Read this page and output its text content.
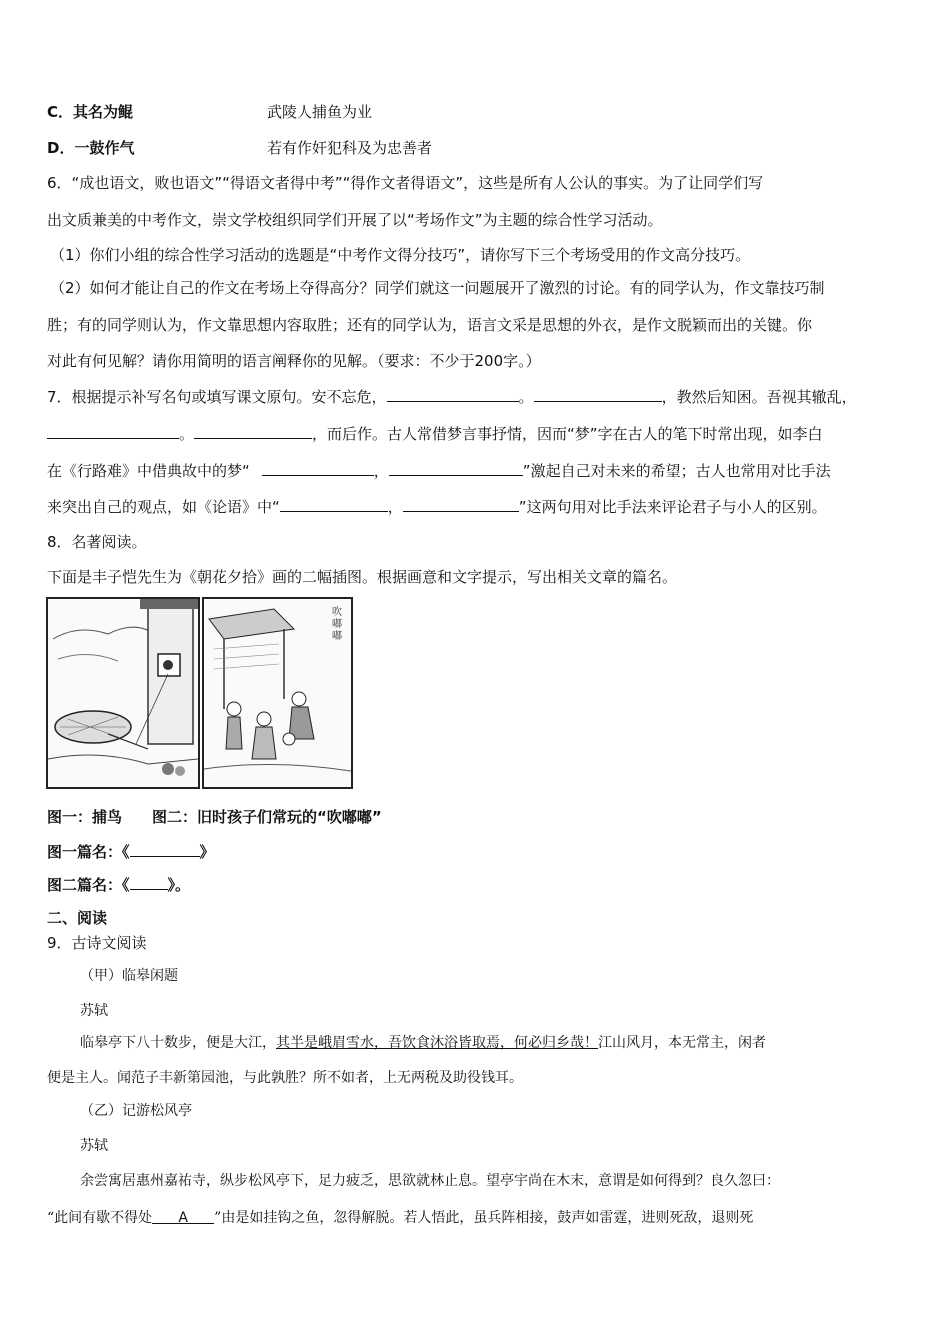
C．其名为鲲	武陵人捕鱼为业
D．一鼓作气	若有作奸犯科及为忠善者
6．“成也语文，败也语文”“得语文者得中考”“得作文者得语文”，这些是所有人公认的事实。为了让同学们写
出文质兼美的中考作文，崇文学校组织同学们开展了以“考场作文”为主题的综合性学习活动。
（1）你们小组的综合性学习活动的选题是“中考作文得分技巧”，请你写下三个考场受用的作文高分技巧。
（2）如何才能让自己的作文在考场上夺得高分？同学们就这一问题展开了激烈的讨论。有的同学认为，作文靠技巧制
胜；有的同学则认为，作文靠思想内容取胜；还有的同学认为，语言文采是思想的外衣，是作文脱颖而出的关键。你
对此有何见解？请你用简明的语言阐释你的见解。（要求：不少于200字。）
7．根据提示补写名句或填写课文原句。安不忘危，	。	，教然后知困。吾视其辙乱，
。	，而后作。古人常借梦言事抒情，因而“梦”字在古人的笔下时常出现，如李白
在《行路难》中借典故中的梦“	，	”激起自己对未来的希望；古人也常用对比手法
来突出自己的观点，如《论语》中“	，	”这两句用对比手法来评论君子与小人的区别。
8．名著阅读。
下面是丰子恺先生为《朝花夕拾》画的二幅插图。根据画意和文字提示，写出相关文章的篇名。
吹嘟嘟
图一：捕鸟　　图二：旧时孩子们常玩的“吹嘟嘟”
图一篇名：《	》
图二篇名：《	》。
二、阅读
9．古诗文阅读
（甲）临皋闲题
苏轼
临皋亭下八十数步，便是大江，其半是峨眉雪水，吾饮食沐浴皆取焉，何必归乡哉！江山风月，本无常主，闲者
便是主人。闻范子丰新第园池，与此孰胜？所不如者，上无两税及助役钱耳。
（乙）记游松风亭
苏轼
余尝寓居惠州嘉祐寺，纵步松风亭下，足力疲乏，思欲就林止息。望亭宇尚在木末，意谓是如何得到？良久忽曰：
“此间有歇不得处 A ”由是如挂钩之鱼，忽得解脱。若人悟此，虽兵阵相接，鼓声如雷霆，进则死敌，退则死
